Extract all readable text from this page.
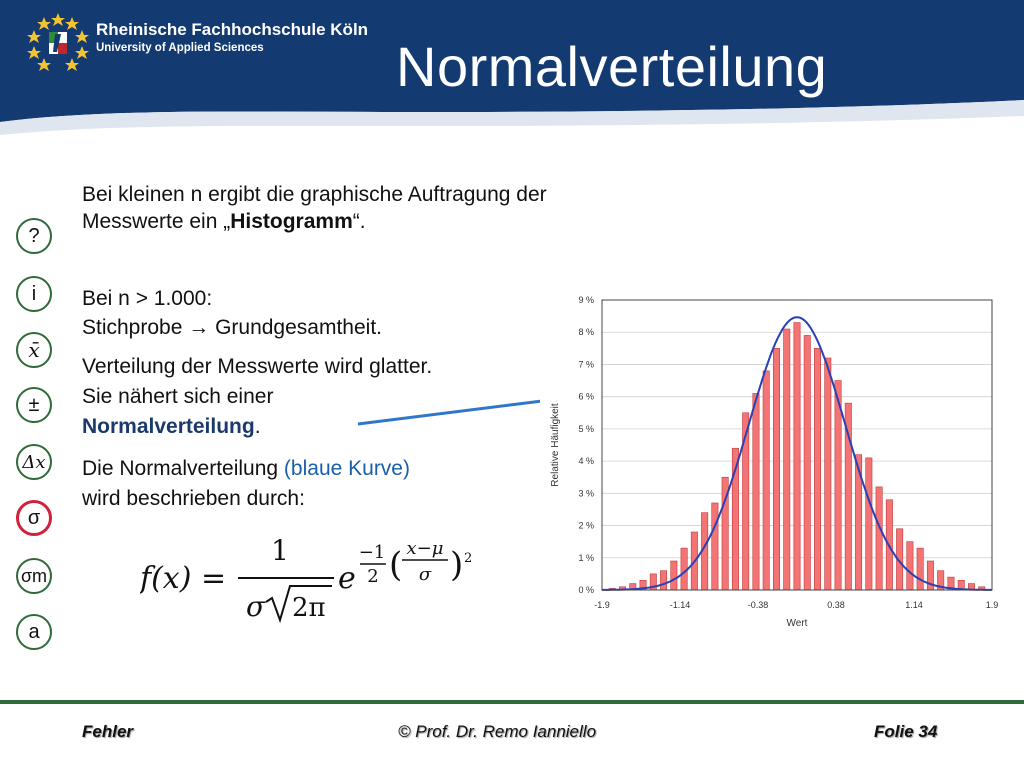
Rheinische Fachhochschule Köln
University of Applied Sciences Normalverteilung
?
i
x̄
±
Δx
σ
σm
a
Bei kleinen n ergibt die graphische Auftragung der
Messwerte ein „Histogramm“.
Bei n > 1.000:
Stichprobe → Grundgesamtheit.
Verteilung der Messwerte wird glatter.
Sie nähert sich einer
Normalverteilung.
Die Normalverteilung (blaue Kurve)
wird beschrieben durch:
f(x) =
1
σ 2π
e
−1
2 ( x−μ
σ ) 2
0 %
1 %
2 %
3 %
4 %
5 %
6 %
7 %
8 %
9 %
-1.9	-1.14	-0.38	0.38	1.14	1.9
Wert
Relative Häufigkeit
Fehler	© Prof. Dr. Remo Ianniello	Folie 34
